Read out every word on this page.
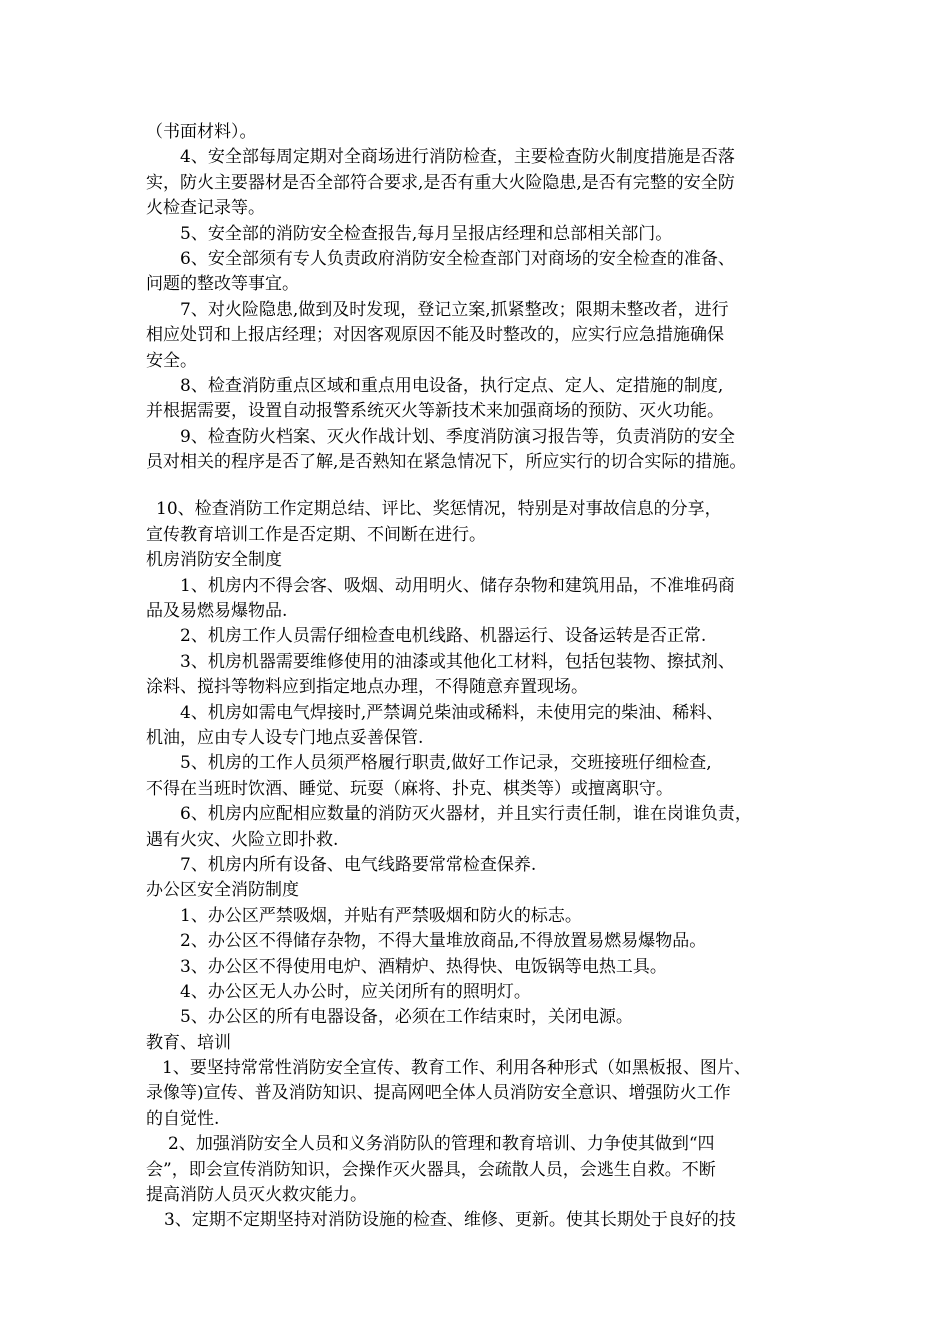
（书面材料）。
4、安全部每周定期对全商场进行消防检查，主要检查防火制度措施是否落
实，防火主要器材是否全部符合要求,是否有重大火险隐患,是否有完整的安全防
火检查记录等。
5、安全部的消防安全检查报告,每月呈报店经理和总部相关部门。
6、安全部须有专人负责政府消防安全检查部门对商场的安全检查的准备、
问题的整改等事宜。
7、对火险隐患,做到及时发现，登记立案,抓紧整改；限期未整改者，进行
相应处罚和上报店经理；对因客观原因不能及时整改的，应实行应急措施确保
安全。
8、检查消防重点区域和重点用电设备，执行定点、定人、定措施的制度,
并根据需要，设置自动报警系统灭火等新技术来加强商场的预防、灭火功能。
9、检查防火档案、灭火作战计划、季度消防演习报告等，负责消防的安全
员对相关的程序是否了解,是否熟知在紧急情况下，所应实行的切合实际的措施。
10、检查消防工作定期总结、评比、奖惩情况，特别是对事故信息的分享，
宣传教育培训工作是否定期、不间断在进行。
机房消防安全制度
1、机房内不得会客、吸烟、动用明火、储存杂物和建筑用品，不准堆码商
品及易燃易爆物品.
2、机房工作人员需仔细检查电机线路、机器运行、设备运转是否正常.
3、机房机器需要维修使用的油漆或其他化工材料，包括包装物、擦拭剂、
涂料、搅抖等物料应到指定地点办理，不得随意弃置现场。
4、机房如需电气焊接时,严禁调兑柴油或稀料，未使用完的柴油、稀料、
机油，应由专人设专门地点妥善保管.
5、机房的工作人员须严格履行职责,做好工作记录，交班接班仔细检查,
不得在当班时饮酒、睡觉、玩耍（麻将、扑克、棋类等）或擅离职守。
6、机房内应配相应数量的消防灭火器材，并且实行责任制，谁在岗谁负责，
遇有火灾、火险立即扑救.
7、机房内所有设备、电气线路要常常检查保养.
办公区安全消防制度
1、办公区严禁吸烟，并贴有严禁吸烟和防火的标志。
2、办公区不得储存杂物，不得大量堆放商品,不得放置易燃易爆物品。
3、办公区不得使用电炉、酒精炉、热得快、电饭锅等电热工具。
4、办公区无人办公时，应关闭所有的照明灯。
5、办公区的所有电器设备，必须在工作结束时，关闭电源。
教育、培训
1、要坚持常常性消防安全宣传、教育工作、利用各种形式（如黑板报、图片、
录像等)宣传、普及消防知识、提高网吧全体人员消防安全意识、增强防火工作
的自觉性.
2、加强消防安全人员和义务消防队的管理和教育培训、力争使其做到“四
会”，即会宣传消防知识，会操作灭火器具，会疏散人员，会逃生自救。不断
提高消防人员灭火救灾能力。
3、定期不定期坚持对消防设施的检查、维修、更新。使其长期处于良好的技
